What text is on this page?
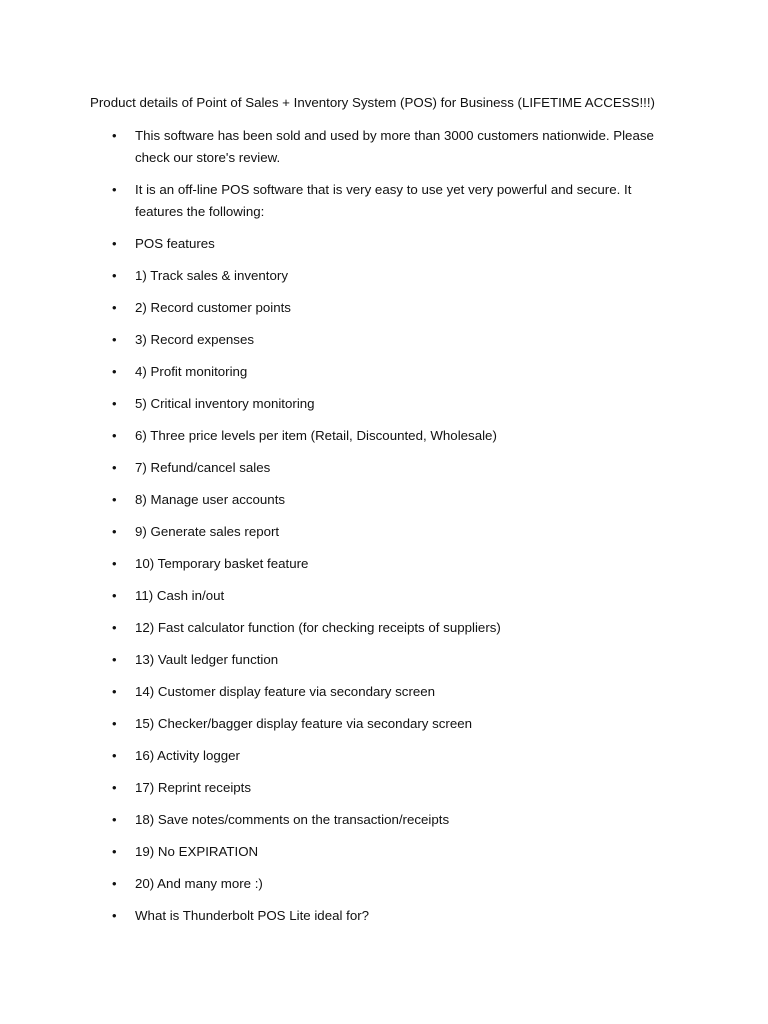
Product details of Point of Sales + Inventory System (POS) for Business (LIFETIME ACCESS!!!)

•	This software has been sold and used by more than 3000 customers nationwide. Please check our store's review.
•	It is an off-line POS software that is very easy to use yet very powerful and secure. It features the following:
•	POS features
•	1) Track sales & inventory
•	2) Record customer points
•	3) Record expenses
•	4) Profit monitoring
•	5) Critical inventory monitoring
•	6) Three price levels per item (Retail, Discounted, Wholesale)
•	7) Refund/cancel sales
•	8) Manage user accounts
•	9) Generate sales report
•	10) Temporary basket feature
•	11) Cash in/out
•	12) Fast calculator function (for checking receipts of suppliers)
•	13) Vault ledger function
•	14) Customer display feature via secondary screen
•	15) Checker/bagger display feature via secondary screen
•	16) Activity logger
•	17) Reprint receipts
•	18) Save notes/comments on the transaction/receipts
•	19) No EXPIRATION
•	20) And many more :)
•	What is Thunderbolt POS Lite ideal for?
